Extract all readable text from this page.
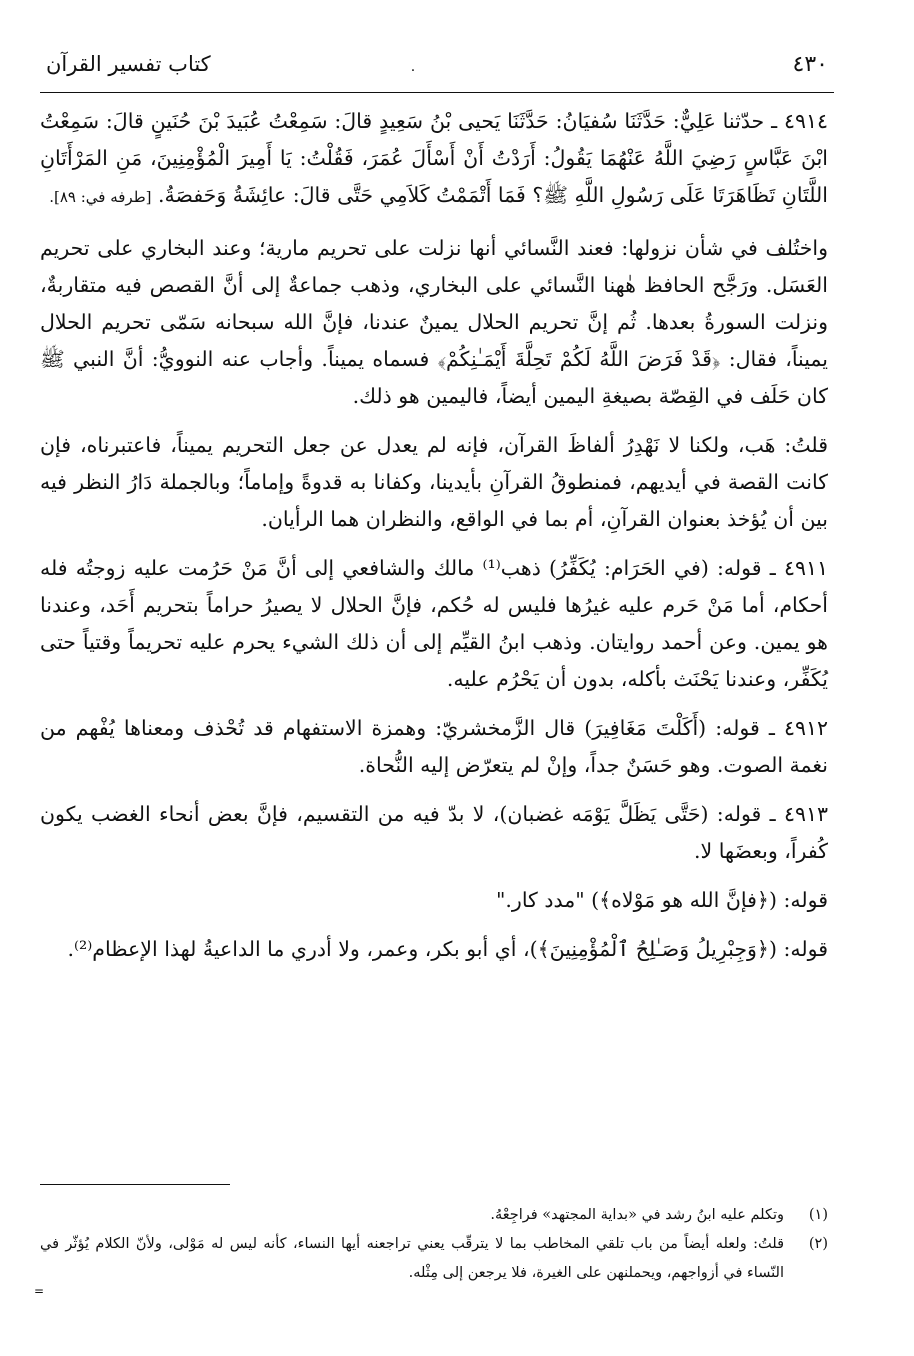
٤٣٠
.
كتاب تفسير القرآن

٤٩١٤ ـ حدّثنا عَلِيٌّ: حَدَّثَنَا سُفيَانُ: حَدَّثَنَا يَحيى بْنُ سَعِيدٍ قالَ: سَمِعْتُ عُبَيدَ بْنَ حُنَينٍ قالَ: سَمِعْتُ ابْنَ عَبَّاسٍ رَضِيَ اللَّهُ عَنْهُمَا يَقُولُ: أَرَدْتُ أَنْ أَسْأَلَ عُمَرَ، فَقُلْتُ: يَا أَمِيرَ الْمُؤْمِنِينَ، مَنِ المَرْأَتَانِ اللَّتَانِ تَظَاهَرَتَا عَلَى رَسُولِ اللَّهِ ﷺ؟ فَمَا أَتْمَمْتُ كَلاَمِي حَتَّى قالَ: عائِشَةُ وَحَفصَةُ. [طرفه في: ٨٩].

واختُلف في شأن نزولها: فعند النَّسائي أنها نزلت على تحريم مارية؛ وعند البخاري على تحريم العَسَل. ورَجَّح الحافظ هٰهنا النَّسائي على البخاري، وذهب جماعةٌ إلى أنَّ القصص فيه متقاربةٌ، ونزلت السورةُ بعدها. ثُم إنَّ تحريم الحلال يمينٌ عندنا، فإنَّ الله سبحانه سَمّى تحريم الحلال يميناً، فقال: ﴿قَدْ فَرَضَ اللَّهُ لَكُمْ تَحِلَّةَ أَيْمَـٰنِكُمْ﴾ فسماه يميناً. وأجاب عنه النوويُّ: أنَّ النبي ﷺ كان حَلَف في القِصّة بصيغةِ اليمين أيضاً، فاليمين هو ذلك.

قلتُ: هَب، ولكنا لا نَهْدِرُ ألفاظَ القرآن، فإنه لم يعدل عن جعل التحريم يميناً، فاعتبرناه، فإن كانت القصة في أيديهم، فمنطوقُ القرآنِ بأيدينا، وكفانا به قدوةً وإماماً؛ وبالجملة دَارُ النظر فيه بين أن يُؤخذ بعنوان القرآنِ، أم بما في الواقع، والنظران هما الرأيان.

٤٩١١ ـ قوله: (في الحَرَام: يُكَفِّرُ) ذهب⁽¹⁾ مالك والشافعي إلى أنَّ مَنْ حَرُمت عليه زوجتُه فله أحكام، أما مَنْ حَرم عليه غيرُها فليس له حُكم، فإنَّ الحلال لا يصيرُ حراماً بتحريم أَحَد، وعندنا هو يمين. وعن أحمد روايتان. وذهب ابنُ القيِّم إلى أن ذلك الشيء يحرم عليه تحريماً وقتياً حتى يُكَفِّر، وعندنا يَحْنَث بأكله، بدون أن يَحْرُم عليه.

٤٩١٢ ـ قوله: (أَكَلْتَ مَغَافِيرَ) قال الزَّمخشريّ: وهمزة الاستفهام قد تُحْذف ومعناها يُفْهم من نغمة الصوت. وهو حَسَنٌ جداً، وإنْ لم يتعرّض إليه النُّحاة.

٤٩١٣ ـ قوله: (حَتَّى يَظَلَّ يَوْمَه غضبان)، لا بدّ فيه من التقسيم، فإنَّ بعض أنحاء الغضب يكون كُفراً، وبعضَها لا.

قوله: (﴿فإنَّ الله هو مَوْلاه﴾) "مدد كار."

قوله: (﴿وَجِبْرِيلُ وَصَـٰلِحُ ٱلْمُؤْمِنِينَ﴾)، أي أبو بكر، وعمر، ولا أدري ما الداعيةُ لهذا الإعظام⁽²⁾.

(١)
وتكلم عليه ابنُ رشد في «بداية المجتهد» فراجِعْهُ.
(٢)
قلتُ: ولعله أيضاً من باب تلقي المخاطب بما لا يترقّب يعني تراجعنه أيها النساء، كأنه ليس له مَوْلى، ولأنّ الكلام يُؤثّر في النّساء في أزواجهم، ويحملنهن على الغيرة، فلا يرجعن إلى مِثْله.
=
